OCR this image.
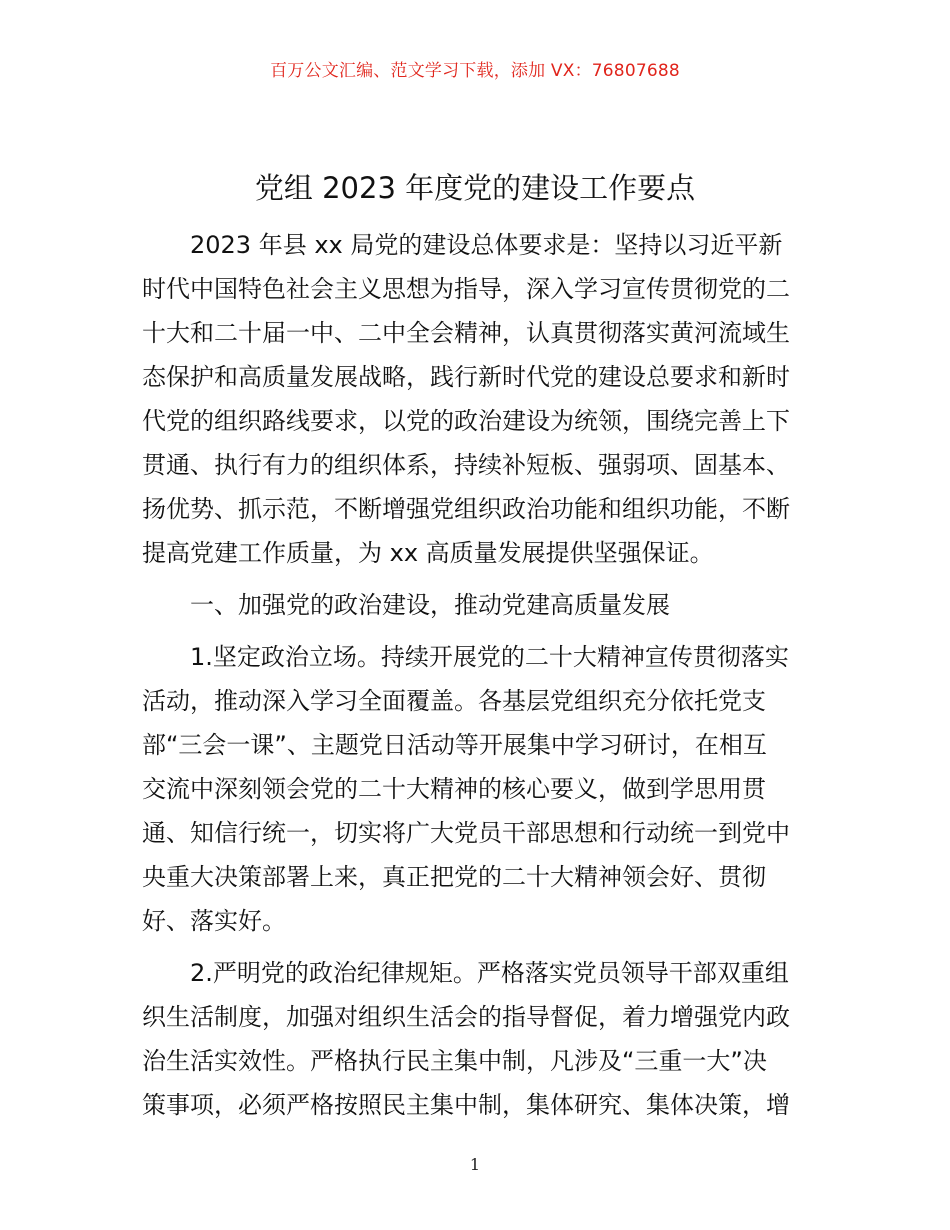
百万公文汇编、范文学习下载，添加 VX：76807688
党组 2023 年度党的建设工作要点
2023 年县 xx 局党的建设总体要求是：坚持以习近平新
时代中国特色社会主义思想为指导，深入学习宣传贯彻党的二
十大和二十届一中、二中全会精神，认真贯彻落实黄河流域生
态保护和高质量发展战略，践行新时代党的建设总要求和新时
代党的组织路线要求，以党的政治建设为统领，围绕完善上下
贯通、执行有力的组织体系，持续补短板、强弱项、固基本、
扬优势、抓示范，不断增强党组织政治功能和组织功能，不断
提高党建工作质量，为 xx 高质量发展提供坚强保证。
一、加强党的政治建设，推动党建高质量发展
1.坚定政治立场。持续开展党的二十大精神宣传贯彻落实
活动，推动深入学习全面覆盖。各基层党组织充分依托党支
部“三会一课”、主题党日活动等开展集中学习研讨，在相互
交流中深刻领会党的二十大精神的核心要义，做到学思用贯
通、知信行统一，切实将广大党员干部思想和行动统一到党中
央重大决策部署上来，真正把党的二十大精神领会好、贯彻
好、落实好。
2.严明党的政治纪律规矩。严格落实党员领导干部双重组
织生活制度，加强对组织生活会的指导督促，着力增强党内政
治生活实效性。严格执行民主集中制，凡涉及“三重一大”决
策事项，必须严格按照民主集中制，集体研究、集体决策，增
1
